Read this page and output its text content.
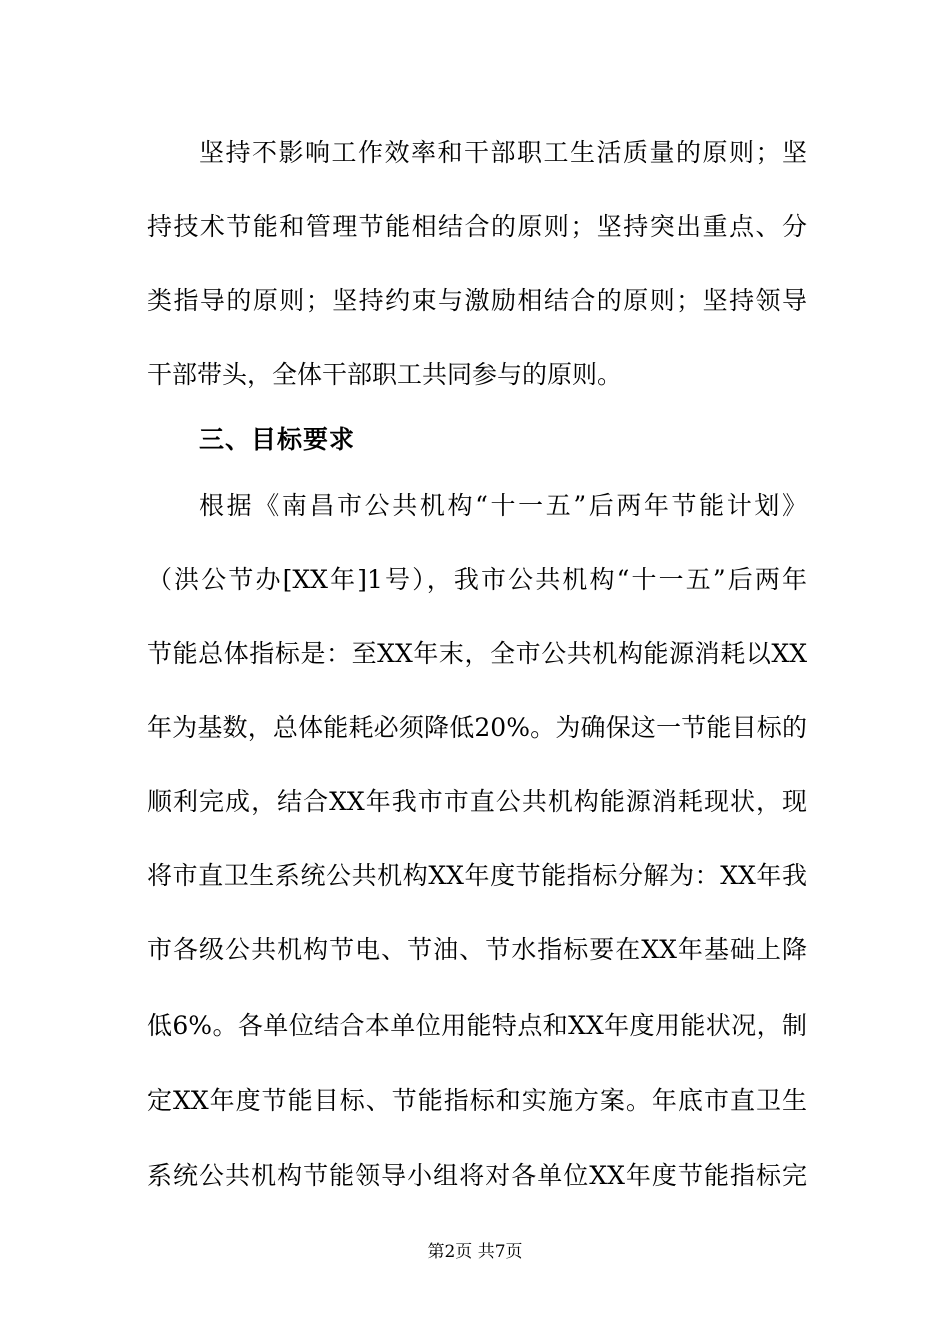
坚持不影响工作效率和干部职工生活质量的原则；坚
持技术节能和管理节能相结合的原则；坚持突出重点、分
类指导的原则；坚持约束与激励相结合的原则；坚持领导
干部带头，全体干部职工共同参与的原则。
三、目标要求
根据《南昌市公共机构“十一五”后两年节能计划》
（洪公节办[XX年]1号），我市公共机构“十一五”后两年
节能总体指标是：至XX年末，全市公共机构能源消耗以XX
年为基数，总体能耗必须降低20%。为确保这一节能目标的
顺利完成，结合XX年我市市直公共机构能源消耗现状，现
将市直卫生系统公共机构XX年度节能指标分解为：XX年我
市各级公共机构节电、节油、节水指标要在XX年基础上降
低6%。各单位结合本单位用能特点和XX年度用能状况，制
定XX年度节能目标、节能指标和实施方案。年底市直卫生
系统公共机构节能领导小组将对各单位XX年度节能指标完
第2页 共7页
